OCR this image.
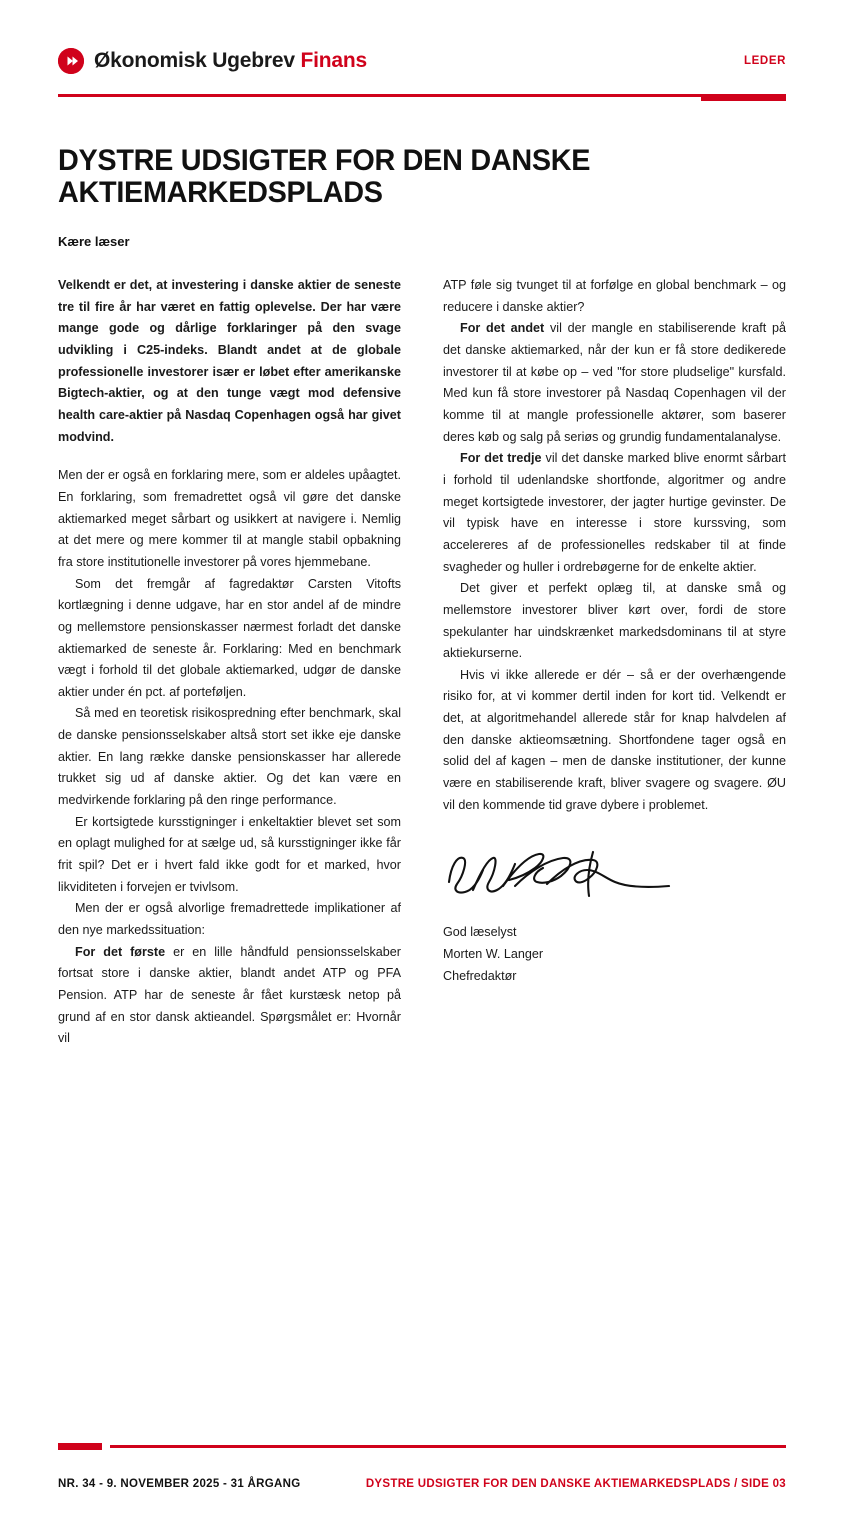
Økonomisk Ugebrev Finans	LEDER
DYSTRE UDSIGTER FOR DEN DANSKE AKTIEMARKEDSPLADS
Kære læser

Velkendt er det, at investering i danske aktier de seneste tre til fire år har været en fattig oplevelse. Der har være mange gode og dårlige forklaringer på den svage udvikling i C25-indeks. Blandt andet at de globale professionelle investorer især er løbet efter amerikanske Bigtech-aktier, og at den tunge vægt mod defensive health care-aktier på Nasdaq Copenhagen også har givet modvind.

Men der er også en forklaring mere, som er aldeles upåagtet. En forklaring, som fremadrettet også vil gøre det danske aktiemarked meget sårbart og usikkert at navigere i. Nemlig at det mere og mere kommer til at mangle stabil opbakning fra store institutionelle investorer på vores hjemmebane.

Som det fremgår af fagredaktør Carsten Vitofts kortlægning i denne udgave, har en stor andel af de mindre og mellemstore pensionskasser nærmest forladt det danske aktiemarked de seneste år. Forklaring: Med en benchmark vægt i forhold til det globale aktiemarked, udgør de danske aktier under én pct. af porteføljen.

Så med en teoretisk risikospredning efter benchmark, skal de danske pensionsselskaber altså stort set ikke eje danske aktier. En lang række danske pensionskasser har allerede trukket sig ud af danske aktier. Og det kan være en medvirkende forklaring på den ringe performance.

Er kortsigtede kursstigninger i enkeltaktier blevet set som en oplagt mulighed for at sælge ud, så kursstigninger ikke får frit spil? Det er i hvert fald ikke godt for et marked, hvor likviditeten i forvejen er tvivlsom.

Men der er også alvorlige fremadrettede implikationer af den nye markedssituation:

For det første er en lille håndfuld pensionsselskaber fortsat store i danske aktier, blandt andet ATP og PFA Pension. ATP har de seneste år fået kurstæsk netop på grund af en stor dansk aktieandel. Spørgsmålet er: Hvornår vil

ATP føle sig tvunget til at forfølge en global benchmark – og reducere i danske aktier?

For det andet vil der mangle en stabiliserende kraft på det danske aktiemarked, når der kun er få store dedikerede investorer til at købe op – ved "for store pludselige" kursfald. Med kun få store investorer på Nasdaq Copenhagen vil der komme til at mangle professionelle aktører, som baserer deres køb og salg på seriøs og grundig fundamentalanalyse.

For det tredje vil det danske marked blive enormt sårbart i forhold til udenlandske shortfonde, algoritmer og andre meget kortsigtede investorer, der jagter hurtige gevinster. De vil typisk have en interesse i store kurssving, som accelereres af de professionelles redskaber til at finde svagheder og huller i ordrebøgerne for de enkelte aktier.

Det giver et perfekt oplæg til, at danske små og mellemstore investorer bliver kørt over, fordi de store spekulanter har uindskrænket markedsdominans til at styre aktiekurserne.

Hvis vi ikke allerede er dér – så er der overhængende risiko for, at vi kommer dertil inden for kort tid. Velkendt er det, at algoritmehandel allerede står for knap halvdelen af den danske aktieomsætning. Shortfondene tager også en solid del af kagen – men de danske institutioner, der kunne være en stabiliserende kraft, bliver svagere og svagere. ØU vil den kommende tid grave dybere i problemet.

God læselyst
Morten W. Langer
Chefredaktør
NR. 34 - 9. NOVEMBER 2025 - 31 ÅRGANG	DYSTRE UDSIGTER FOR DEN DANSKE AKTIEMARKEDSPLADS / SIDE 03
